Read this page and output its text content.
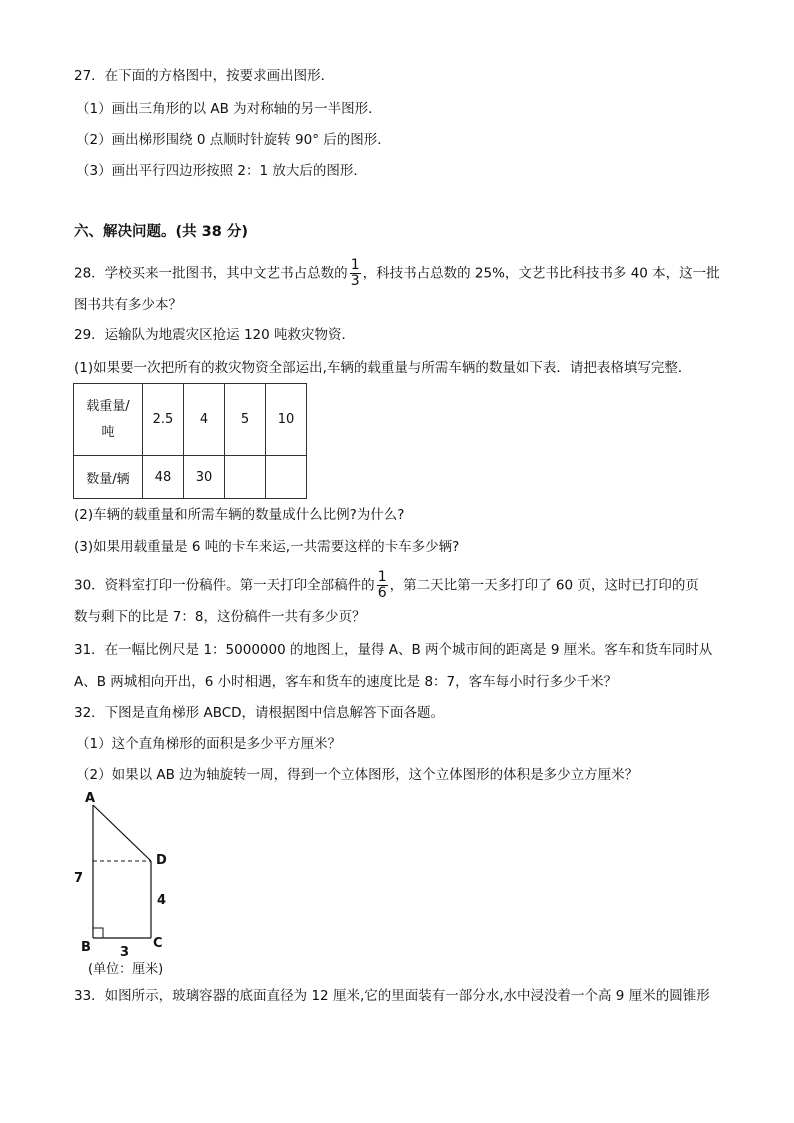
27．在下面的方格图中，按要求画出图形．
（1）画出三角形的以 AB 为对称轴的另一半图形．
（2）画出梯形围绕 0 点顺时针旋转 90° 后的图形．
（3）画出平行四边形按照 2：1 放大后的图形．
六、解决问题。(共 38 分)
28．学校买来一批图书，其中文艺书占总数的 $\frac{1}{3}$ ，科技书占总数的 25%，文艺书比科技书多 40 本，这一批
图书共有多少本？
29．运输队为地震灾区抢运 120 吨救灾物资．
(1)如果要一次把所有的救灾物资全部运出,车辆的载重量与所需车辆的数量如下表．请把表格填写完整．
载重量/
吨	2.5	4	5	10
数量/辆	48	30		
(2)车辆的载重量和所需车辆的数量成什么比例?为什么?
(3)如果用载重量是 6 吨的卡车来运,一共需要这样的卡车多少辆?
30．资料室打印一份稿件。第一天打印全部稿件的 $\frac{1}{6}$ ，第二天比第一天多打印了 60 页，这时已打印的页
数与剩下的比是 7：8，这份稿件一共有多少页？
31．在一幅比例尺是 1：5000000 的地图上，量得 A、B 两个城市间的距离是 9 厘米。客车和货车同时从
A、B 两城相向开出，6 小时相遇，客车和货车的速度比是 8：7，客车每小时行多少千米？
32．下图是直角梯形 ABCD，请根据图中信息解答下面各题。
（1）这个直角梯形的面积是多少平方厘米？
（2）如果以 AB 边为轴旋转一周，得到一个立体图形，这个立体图形的体积是多少立方厘米？
A
B	C
D
7
4
3
(单位：厘米)
33．如图所示，玻璃容器的底面直径为 12 厘米,它的里面装有一部分水,水中浸没着一个高 9 厘米的圆锥形
